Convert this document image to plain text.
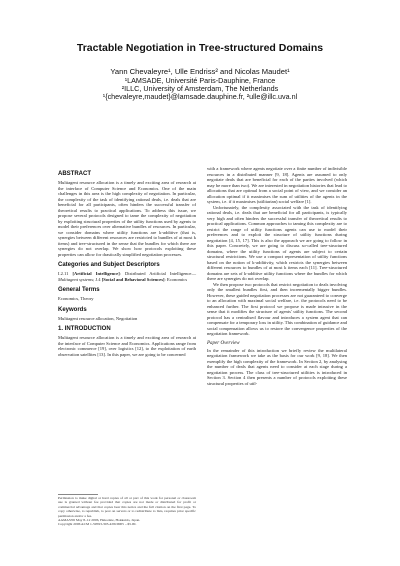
Tractable Negotiation in Tree-structured Domains
Yann Chevaleyre¹, Ulle Endriss² and Nicolas Maudet¹
¹LAMSADE, Université Paris-Dauphine, France
²ILLC, University of Amsterdam, The Netherlands
¹{chevaleyre,maudet}@lamsade.dauphine.fr, ²ulle@illc.uva.nl
ABSTRACT

Multiagent resource allocation is a timely and exciting area of research at the interface of Computer Science and Economics. One of the main challenges in this area is the high complexity of negotiation. In particular, the complexity of the task of identifying rational deals, i.e. deals that are beneficial for all participants, often hinders the successful transfer of theoretical results to practical applications. To address this issue, we propose several protocols designed to tame the complexity of negotiation by exploiting structural properties of the utility functions used by agents to model their preferences over alternative bundles of resources. In particular, we consider domains where utility functions are k-additive (that is, synergies between different resources are restricted to bundles of at most k items) and tree-structured in the sense that the bundles for which there are synergies do not overlap. We show how protocols exploiting these properties can allow for drastically simplified negotiation processes.

Categories and Subject Descriptors

I.2.11 [Artificial Intelligence]: Distributed Artificial Intelligence—Multiagent systems; J.4 [Social and Behavioral Sciences]: Economics

General Terms

Economics, Theory

Keywords

Multiagent resource allocation, Negotiation

1. INTRODUCTION

Multiagent resource allocation is a timely and exciting area of research at the interface of Computer Science and Economics. Applications range from electronic commerce [19], over logistics [12], to the exploitation of earth observation satellites [13]. In this paper, we are going to be concerned

Permission to make digital or hard copies of all or part of this work for personal or classroom use is granted without fee provided that copies are not made or distributed for profit or commercial advantage and that copies bear this notice and the full citation on the first page. To copy otherwise, to republish, to post on servers or to redistribute to lists, requires prior specific permission and/or a fee.

AAMAS'06 May 8–12 2006, Hakodate, Hokkaido, Japan.

Copyright 2006 ACM 1-59593-303-4/06/0005 ...$5.00.

with a framework where agents negotiate over a finite number of indivisible resources in a distributed manner [9, 18]. Agents are assumed to only negotiate deals that are beneficial for each of the parties involved (which may be more than two). We are interested in negotiation histories that lead to allocations that are optimal from a social point of view, and we consider an allocation optimal if it maximises the sum of utilities of the agents in the system, i.e. if it maximises (utilitarian) social welfare [1].

Unfortunately, the complexity associated with the task of identifying rational deals, i.e. deals that are beneficial for all participants, is typically very high and often hinders the successful transfer of theoretical results to practical applications. Common approaches to taming this complexity are to restrict the range of utility functions agents can use to model their preferences and to exploit the structure of utility functions during negotiation [4, 15, 17]. This is also the approach we are going to follow in this paper. Concretely, we are going to discuss so-called tree-structured domains, where the utility functions of agents are subject to certain structural restrictions. We use a compact representation of utility functions based on the notion of k-additivity, which restricts the synergies between different resources to bundles of at most k items each [11]. Tree-structured domains are sets of k-additive utility functions where the bundles for which there are synergies do not overlap.

We then propose two protocols that restrict negotiation to deals involving only the smallest bundles first, and then incrementally bigger bundles. However, these guided negotiation processes are not guaranteed to converge to an allocation with maximal social welfare, i.e. the protocols need to be enhanced further. The first protocol we propose is made intrusive in the sense that it modifies the structure of agents' utility functions. The second protocol has a centralised flavour and introduces a system agent that can compensate for a temporary loss in utility. This combination of guidance and social compensation allows us to restore the convergence properties of the negotiation framework.

Paper Overview

In the remainder of this introduction we briefly review the multilateral negotiation framework we take as the basis for our work [9, 18]. We then exemplify the high complexity of the framework. In Section 2, by analysing the number of deals that agents need to consider at each stage during a negotiation process. The class of tree-structured utilities is introduced in Section 3. Section 4 then presents a number of protocols exploiting these structural properties of util-
